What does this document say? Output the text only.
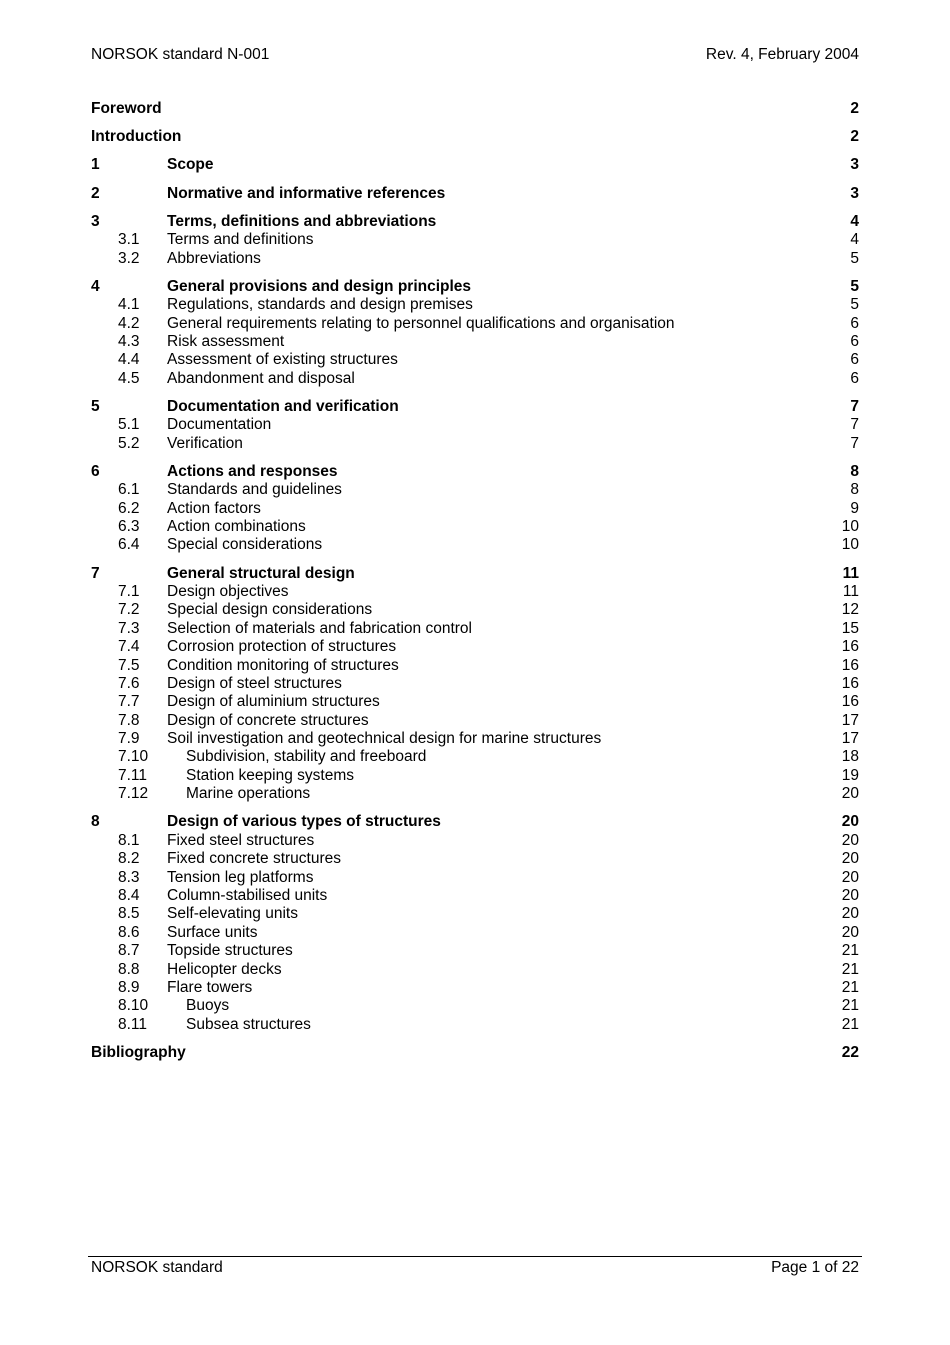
NORSOK standard N-001	Rev. 4, February 2004
Foreword	2
Introduction	2
1	Scope	3
2	Normative and informative references	3
3	Terms, definitions and abbreviations	4
3.1	Terms and definitions	4
3.2	Abbreviations	5
4	General provisions and design principles	5
4.1	Regulations, standards and design premises	5
4.2	General requirements relating to personnel qualifications and organisation	6
4.3	Risk assessment	6
4.4	Assessment of existing structures	6
4.5	Abandonment and disposal	6
5	Documentation and verification	7
5.1	Documentation	7
5.2	Verification	7
6	Actions and responses	8
6.1	Standards and guidelines	8
6.2	Action factors	9
6.3	Action combinations	10
6.4	Special considerations	10
7	General structural design	11
7.1	Design objectives	11
7.2	Special design considerations	12
7.3	Selection of materials and fabrication control	15
7.4	Corrosion protection of structures	16
7.5	Condition monitoring of structures	16
7.6	Design of steel structures	16
7.7	Design of aluminium structures	16
7.8	Design of concrete structures	17
7.9	Soil investigation and geotechnical design for marine structures	17
7.10	Subdivision, stability and freeboard	18
7.11	Station keeping systems	19
7.12	Marine operations	20
8	Design of various types of structures	20
8.1	Fixed steel structures	20
8.2	Fixed concrete structures	20
8.3	Tension leg platforms	20
8.4	Column-stabilised units	20
8.5	Self-elevating units	20
8.6	Surface units	20
8.7	Topside structures	21
8.8	Helicopter decks	21
8.9	Flare towers	21
8.10	Buoys	21
8.11	Subsea structures	21
Bibliography	22
NORSOK standard	Page 1 of 22
